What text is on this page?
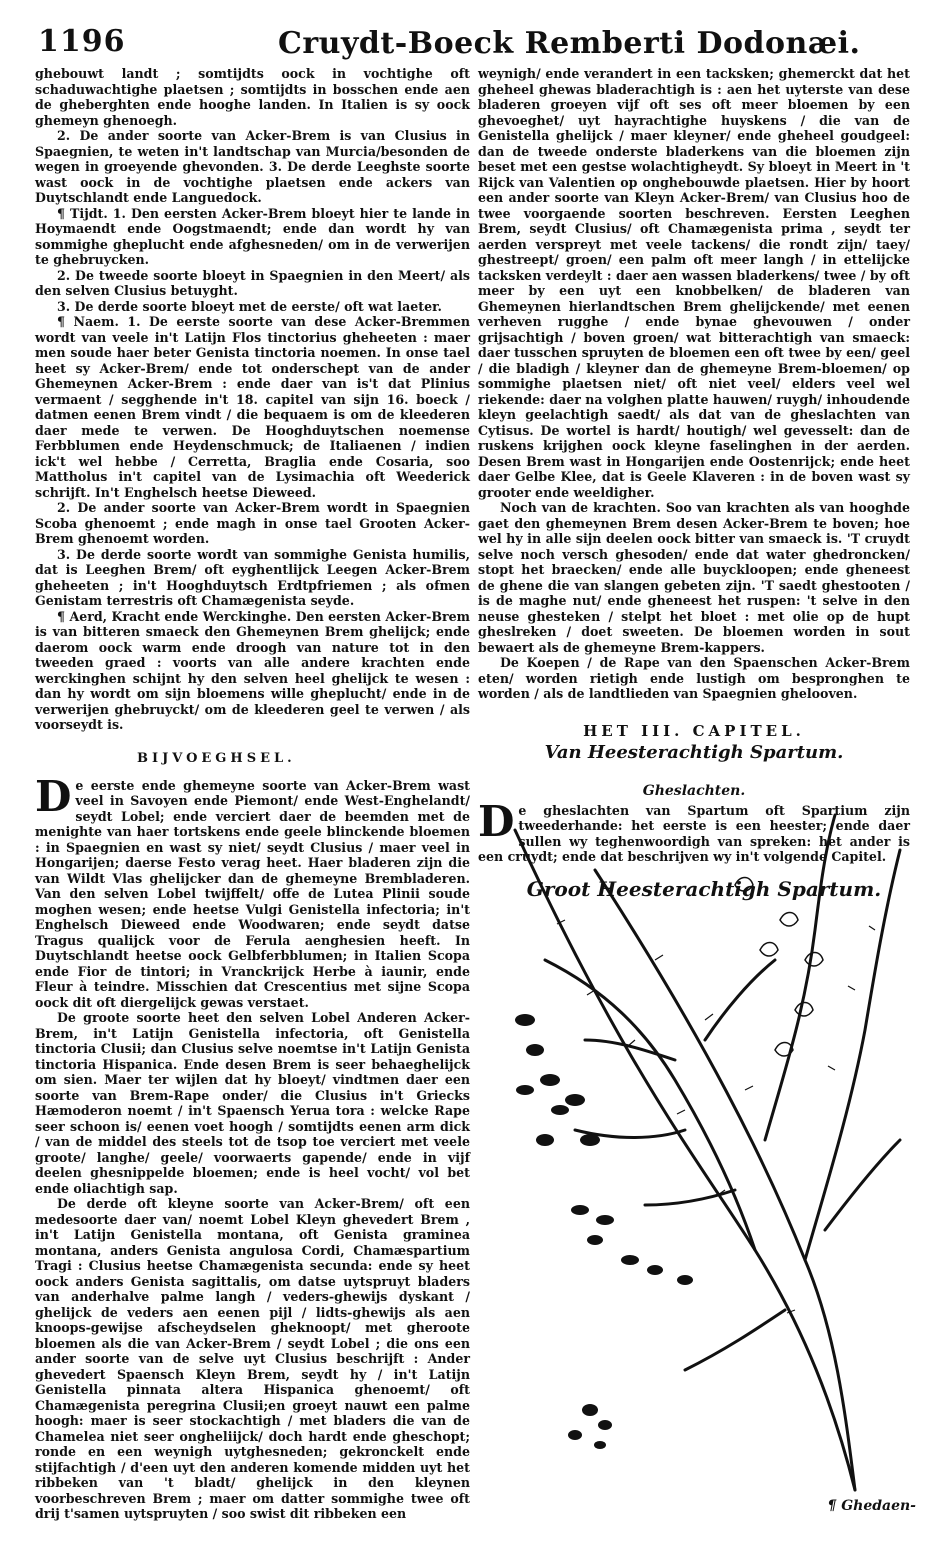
1196	Cruydt-Boeck Remberti Dodonæi.

ghebouwt landt ; somtijdts oock in vochtighe oft schaduwachtighe plaetsen ; somtijdts in bosschen ende aen de gheberghten ende hooghe landen. In Italien is sy oock ghemeyn ghenoegh.

2. De ander soorte van Acker-Brem is van Clusius in Spaegnien, te weten in't landtschap van Murcia/besonden de wegen in groeyende ghevonden. 3. De derde Leeghste soorte wast oock in de vochtighe plaetsen ende ackers van Duytschlandt ende Languedock.

¶ Tijdt. 1. Den eersten Acker-Brem bloeyt hier te lande in Hoymaendt ende Oogstmaendt; ende dan wordt hy van sommighe gheplucht ende afghesneden/ om in de verwerijen te ghebruycken.

2. De tweede soorte bloeyt in Spaegnien in den Meert/ als den selven Clusius betuyght.

3. De derde soorte bloeyt met de eerste/ oft wat laeter.

¶ Naem. 1. De eerste soorte van dese Acker-Bremmen wordt van veele in't Latijn Flos tinctorius gheheeten : maer men soude haer beter Genista tinctoria noemen. In onse tael heet sy Acker-Brem/ ende tot onderschept van de ander Ghemeynen Acker-Brem : ende daer van is't dat Plinius vermaent / segghende in't 18. capitel van sijn 16. boeck / datmen eenen Brem vindt / die bequaem is om de kleederen daer mede te verwen. De Hooghduytschen noemense Ferbblumen ende Heydenschmuck; de Italiaenen / indien ick't wel hebbe / Cerretta, Braglia ende Cosaria, soo Mattholus in't capitel van de Lysimachia oft Weederick schrijft. In't Enghelsch heetse Dieweed.

2. De ander soorte van Acker-Brem wordt in Spaegnien Scoba ghenoemt ; ende magh in onse tael Grooten Acker-Brem ghenoemt worden.

3. De derde soorte wordt van sommighe Genista humilis, dat is Leeghen Brem/ oft eyghentlijck Leegen Acker-Brem gheheeten ; in't Hooghduytsch Erdtpfriemen ; als ofmen Genistam terrestris oft Chamægenista seyde.

¶ Aerd, Kracht ende Werckinghe. Den eersten Acker-Brem is van bitteren smaeck den Ghemeynen Brem ghelijck; ende daerom oock warm ende droogh van nature tot in den tweeden graed : voorts van alle andere krachten ende werckinghen schijnt hy den selven heel ghelijck te wesen : dan hy wordt om sijn bloemens wille gheplucht/ ende in de verwerijen ghebruyckt/ om de kleederen geel te verwen / als voorseydt is.

BIJVOEGHSEL.

De eerste ende ghemeyne soorte van Acker-Brem wast veel in Savoyen ende Piemont/ ende West-Enghelandt/ seydt Lobel; ende verciert daer de beemden met de menighte van haer tortskens ende geele blinckende bloemen : in Spaegnien en wast sy niet/ seydt Clusius / maer veel in Hongarijen; daerse Festo verag heet. Haer bladeren zijn die van Wildt Vlas ghelijcker dan de ghemeyne Brembladeren. Van den selven Lobel twijffelt/ offe de Lutea Plinii soude moghen wesen; ende heetse Vulgi Genistella infectoria; in't Enghelsch Dieweed ende Woodwaren; ende seydt datse Tragus qualijck voor de Ferula aenghesien heeft. In Duytschlandt heetse oock Gelbferbblumen; in Italien Scopa ende Fior de tintori; in Vranckrijck Herbe à iaunir, ende Fleur à teindre. Misschien dat Crescentius met sijne Scopa oock dit oft diergelijck gewas verstaet.

De groote soorte heet den selven Lobel Anderen Acker-Brem, in't Latijn Genistella infectoria, oft Genistella tinctoria Clusii; dan Clusius selve noemtse in't Latijn Genista tinctoria Hispanica. Ende desen Brem is seer behaeghelijck om sien. Maer ter wijlen dat hy bloeyt/ vindtmen daer een soorte van Brem-Rape onder/ die Clusius in't Griecks Hæmoderon noemt / in't Spaensch Yerua tora : welcke Rape seer schoon is/ eenen voet hoogh / somtijdts eenen arm dick / van de middel des steels tot de tsop toe verciert met veele groote/ langhe/ geele/ voorwaerts gapende/ ende in vijf deelen ghesnippelde bloemen; ende is heel vocht/ vol bet ende oliachtigh sap.

De derde oft kleyne soorte van Acker-Brem/ oft een medesoorte daer van/ noemt Lobel Kleyn ghevedert Brem , in't Latijn Genistella montana, oft Genista graminea montana, anders Genista angulosa Cordi, Chamæspartium Tragi : Clusius heetse Chamægenista secunda: ende sy heet oock anders Genista sagittalis, om datse uytspruyt bladers van anderhalve palme langh / veders-ghewijs dyskant / ghelijck de veders aen eenen pijl / lidts-ghewijs als aen knoops-gewijse afscheydselen gheknoopt/ met gheroote bloemen als die van Acker-Brem / seydt Lobel ; die ons een ander soorte van de selve uyt Clusius beschrijft : Ander ghevedert Spaensch Kleyn Brem, seydt hy / in't Latijn Genistella pinnata altera Hispanica ghenoemt/ oft Chamægenista peregrina Clusii;en groeyt nauwt een palme hoogh: maer is seer stockachtigh / met bladers die van de Chamelea niet seer ongheliijck/ doch hardt ende gheschopt; ronde en een weynigh uytghesneden; gekronckelt ende stijfachtigh / d'een uyt den anderen komende midden uyt het ribbeken van 't bladt/ ghelijck in den kleynen voorbeschreven Brem ; maer om datter sommighe twee oft drij t'samen uytspruyten / soo swist dit ribbeken een

weynigh/ ende verandert in een tacksken; ghemerckt dat het gheheel ghewas bladerachtigh is : aen het uyterste van dese bladeren groeyen vijf oft ses oft meer bloemen by een ghevoeghet/ uyt hayrachtighe huyskens / die van de Genistella ghelijck / maer kleyner/ ende gheheel goudgeel: dan de tweede onderste bladerkens van die bloemen zijn beset met een gestse wolachtigheydt. Sy bloeyt in Meert in 't Rijck van Valentien op onghebouwde plaetsen. Hier by hoort een ander soorte van Kleyn Acker-Brem/ van Clusius hoo de twee voorgaende soorten beschreven. Eersten Leeghen Brem, seydt Clusius/ oft Chamægenista prima , seydt ter aerden verspreyt met veele tackens/ die rondt zijn/ taey/ ghestreept/ groen/ een palm oft meer langh / in ettelijcke tacksken verdeylt : daer aen wassen bladerkens/ twee / by oft meer by een uyt een knobbelken/ de bladeren van Ghemeynen hierlandtschen Brem ghelijckende/ met eenen verheven rugghe / ende bynae ghevouwen / onder grijsachtigh / boven groen/ wat bitterachtigh van smaeck: daer tusschen spruyten de bloemen een oft twee by een/ geel / die bladigh / kleyner dan de ghemeyne Brem-bloemen/ op sommighe plaetsen niet/ oft niet veel/ elders veel wel riekende: daer na volghen platte hauwen/ ruygh/ inhoudende kleyn geelachtigh saedt/ als dat van de gheslachten van Cytisus. De wortel is hardt/ houtigh/ wel gevesselt: dan de ruskens krijghen oock kleyne faselinghen in der aerden. Desen Brem wast in Hongarijen ende Oostenrijck; ende heet daer Gelbe Klee, dat is Geele Klaveren : in de boven wast sy grooter ende weeldigher.

Noch van de krachten. Soo van krachten als van hooghde gaet den ghemeynen Brem desen Acker-Brem te boven; hoe wel hy in alle sijn deelen oock bitter van smaeck is. 'T cruydt selve noch versch ghesoden/ ende dat water ghedroncken/ stopt het braecken/ ende alle buyckloopen; ende gheneest de ghene die van slangen gebeten zijn. 'T saedt ghestooten / is de maghe nut/ ende gheneest het ruspen: 't selve in den neuse ghesteken / stelpt het bloet : met olie op de hupt gheslreken / doet sweeten. De bloemen worden in sout bewaert als de ghemeyne Brem-kappers.

De Koepen / de Rape van den Spaenschen Acker-Brem eten/ worden rietigh ende lustigh om bespronghen te worden / als de landtlieden van Spaegnien ghelooven.

HET III. CAPITEL.
Van Heesterachtigh Spartum.
Gheslachten.

De gheslachten van Spartum oft Spartium zijn tweederhande: het eerste is een heester; ende daer sullen wy teghenwoordigh van spreken: het ander is een cruydt; ende dat beschrijven wy in't volgende Capitel.

Groot Heesterachtigh Spartum.
¶ Ghedaen-
